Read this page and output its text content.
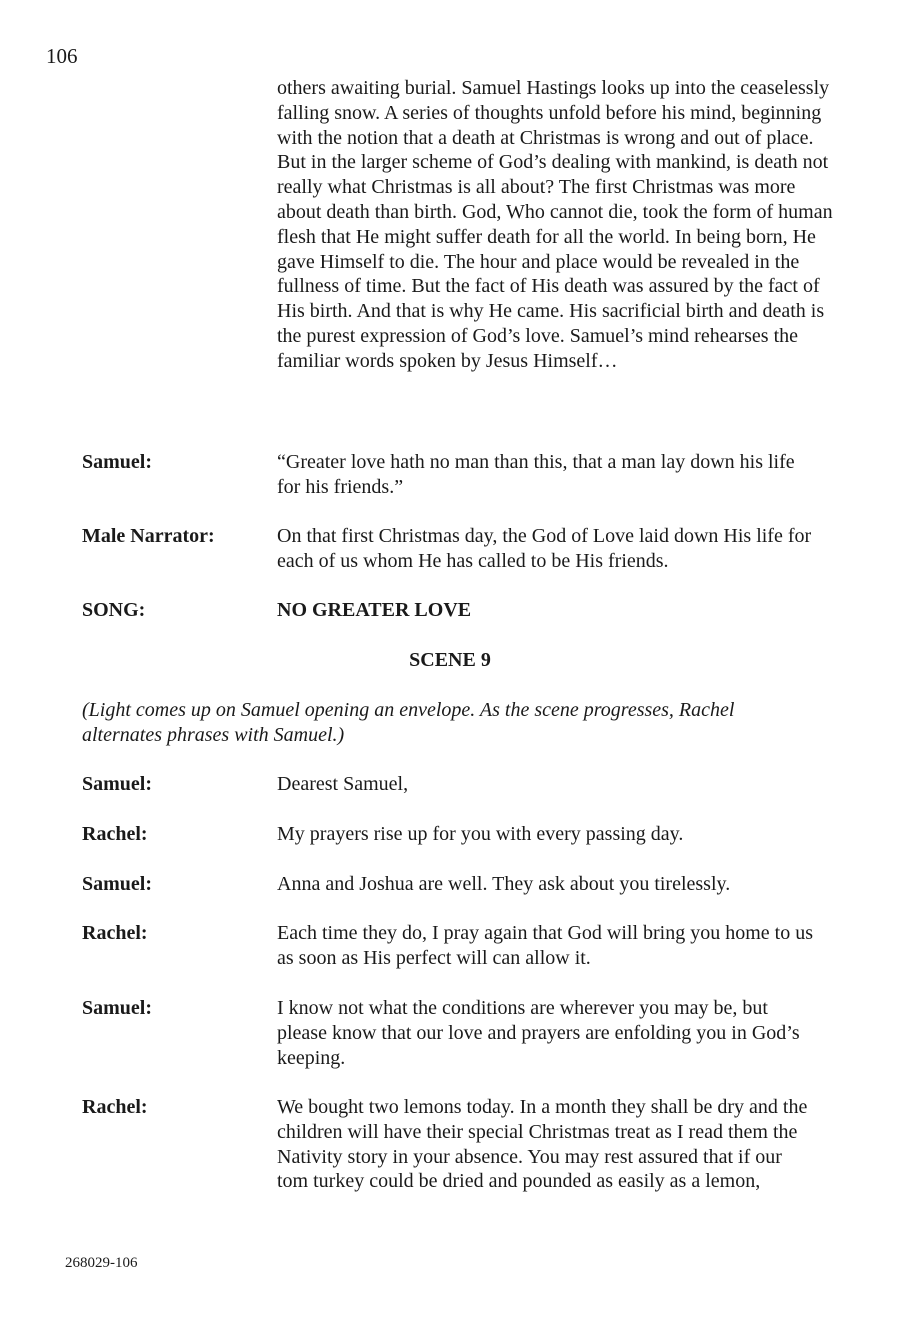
106

others awaiting burial. Samuel Hastings looks up into the ceaselessly falling snow. A series of thoughts unfold before his mind, beginning with the notion that a death at Christmas is wrong and out of place. But in the larger scheme of God’s dealing with mankind, is death not really what Christmas is all about? The first Christmas was more about death than birth. God, Who cannot die, took the form of human flesh that He might suffer death for all the world. In being born, He gave Himself to die. The hour and place would be revealed in the fullness of time. But the fact of His death was assured by the fact of His birth. And that is why He came. His sacrificial birth and death is the purest expression of God’s love. Samuel’s mind rehearses the familiar words spoken by Jesus Himself…

Samuel:	“Greater love hath no man than this, that a man lay down his life for his friends.”

Male Narrator:	On that first Christmas day, the God of Love laid down His life for each of us whom He has called to be His friends.

SONG:	NO GREATER LOVE

SCENE 9

(Light comes up on Samuel opening an envelope. As the scene progresses, Rachel alternates phrases with Samuel.)

Samuel:	Dearest Samuel,

Rachel:	My prayers rise up for you with every passing day.

Samuel:	Anna and Joshua are well. They ask about you tirelessly.

Rachel:	Each time they do, I pray again that God will bring you home to us as soon as His perfect will can allow it.

Samuel:	I know not what the conditions are wherever you may be, but please know that our love and prayers are enfolding you in God’s keeping.

Rachel:	We bought two lemons today. In a month they shall be dry and the children will have their special Christmas treat as I read them the Nativity story in your absence. You may rest assured that if our tom turkey could be dried and pounded as easily as a lemon,

268029-106
